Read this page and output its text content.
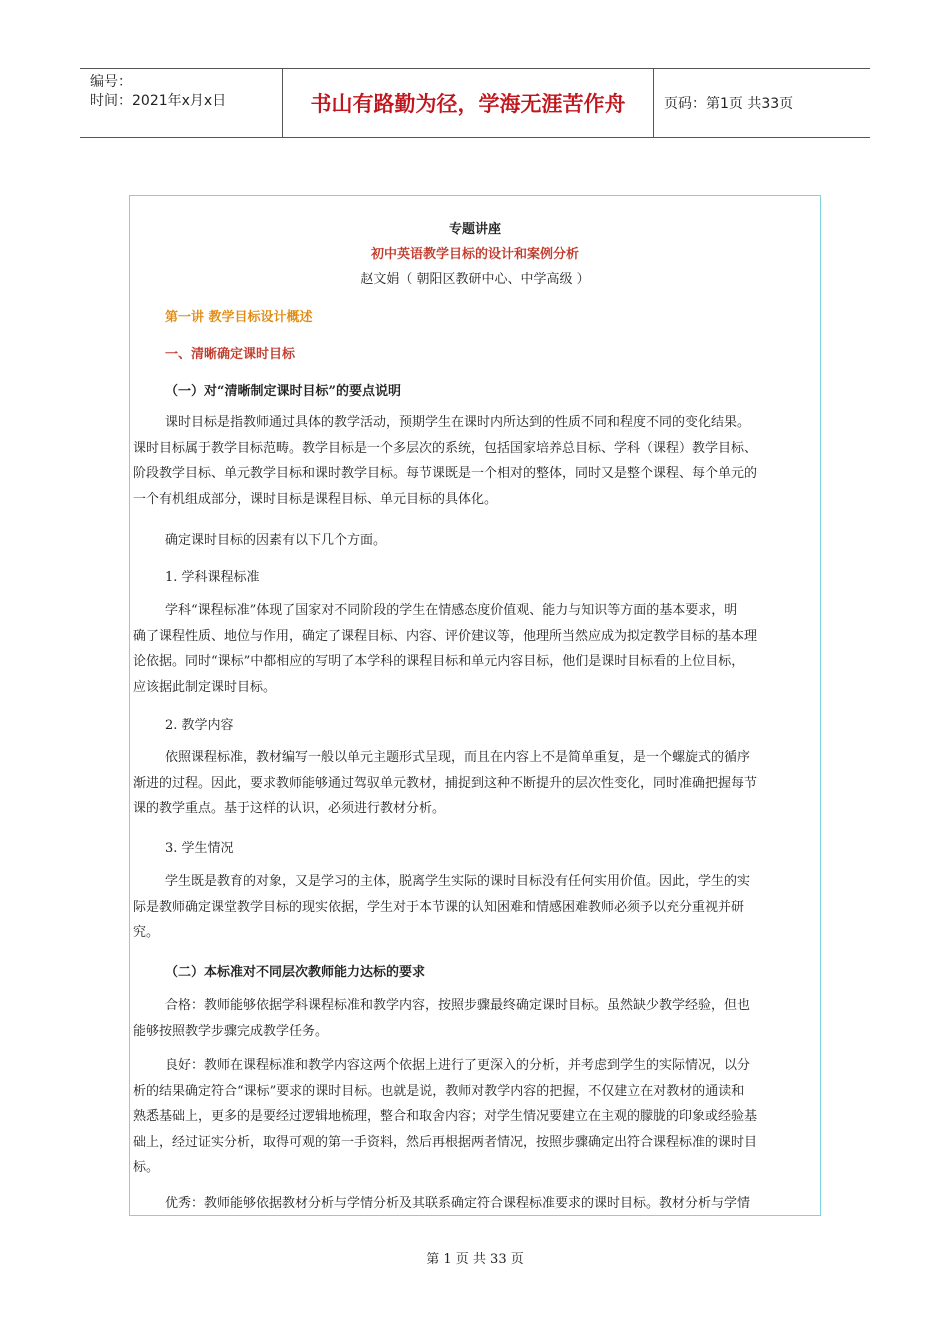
编号：
时间：2021年x月x日	书山有路勤为径，学海无涯苦作舟	页码：第1页 共33页
专题讲座
初中英语教学目标的设计和案例分析
赵文娟（ 朝阳区教研中心、中学高级 ）
第一讲 教学目标设计概述
一、清晰确定课时目标
（一）对“清晰制定课时目标”的要点说明
课时目标是指教师通过具体的教学活动，预期学生在课时内所达到的性质不同和程度不同的变化结果。
课时目标属于教学目标范畴。教学目标是一个多层次的系统，包括国家培养总目标、学科（课程）教学目标、
阶段教学目标、单元教学目标和课时教学目标。每节课既是一个相对的整体，同时又是整个课程、每个单元的
一个有机组成部分，课时目标是课程目标、单元目标的具体化。
确定课时目标的因素有以下几个方面。
1. 学科课程标准
学科“课程标准”体现了国家对不同阶段的学生在情感态度价值观、能力与知识等方面的基本要求，明
确了课程性质、地位与作用，确定了课程目标、内容、评价建议等，他理所当然应成为拟定教学目标的基本理
论依据。同时“课标”中都相应的写明了本学科的课程目标和单元内容目标，他们是课时目标看的上位目标，
应该据此制定课时目标。
2. 教学内容
依照课程标准，教材编写一般以单元主题形式呈现，而且在内容上不是简单重复，是一个螺旋式的循序
渐进的过程。因此，要求教师能够通过驾驭单元教材，捕捉到这种不断提升的层次性变化，同时准确把握每节
课的教学重点。基于这样的认识，必须进行教材分析。
3. 学生情况
学生既是教育的对象，又是学习的主体，脱离学生实际的课时目标没有任何实用价值。因此，学生的实
际是教师确定课堂教学目标的现实依据，学生对于本节课的认知困难和情感困难教师必须予以充分重视并研
究。
（二）本标准对不同层次教师能力达标的要求
合格：教师能够依据学科课程标准和教学内容，按照步骤最终确定课时目标。虽然缺少教学经验，但也
能够按照教学步骤完成教学任务。
良好：教师在课程标准和教学内容这两个依据上进行了更深入的分析，并考虑到学生的实际情况，以分
析的结果确定符合“课标”要求的课时目标。也就是说，教师对教学内容的把握，不仅建立在对教材的通读和
熟悉基础上，更多的是要经过逻辑地梳理，整合和取舍内容；对学生情况要建立在主观的朦胧的印象或经验基
础上，经过证实分析，取得可观的第一手资料，然后再根据两者情况，按照步骤确定出符合课程标准的课时目
标。
优秀：教师能够依据教材分析与学情分析及其联系确定符合课程标准要求的课时目标。教材分析与学情
第 1 页 共 33 页
